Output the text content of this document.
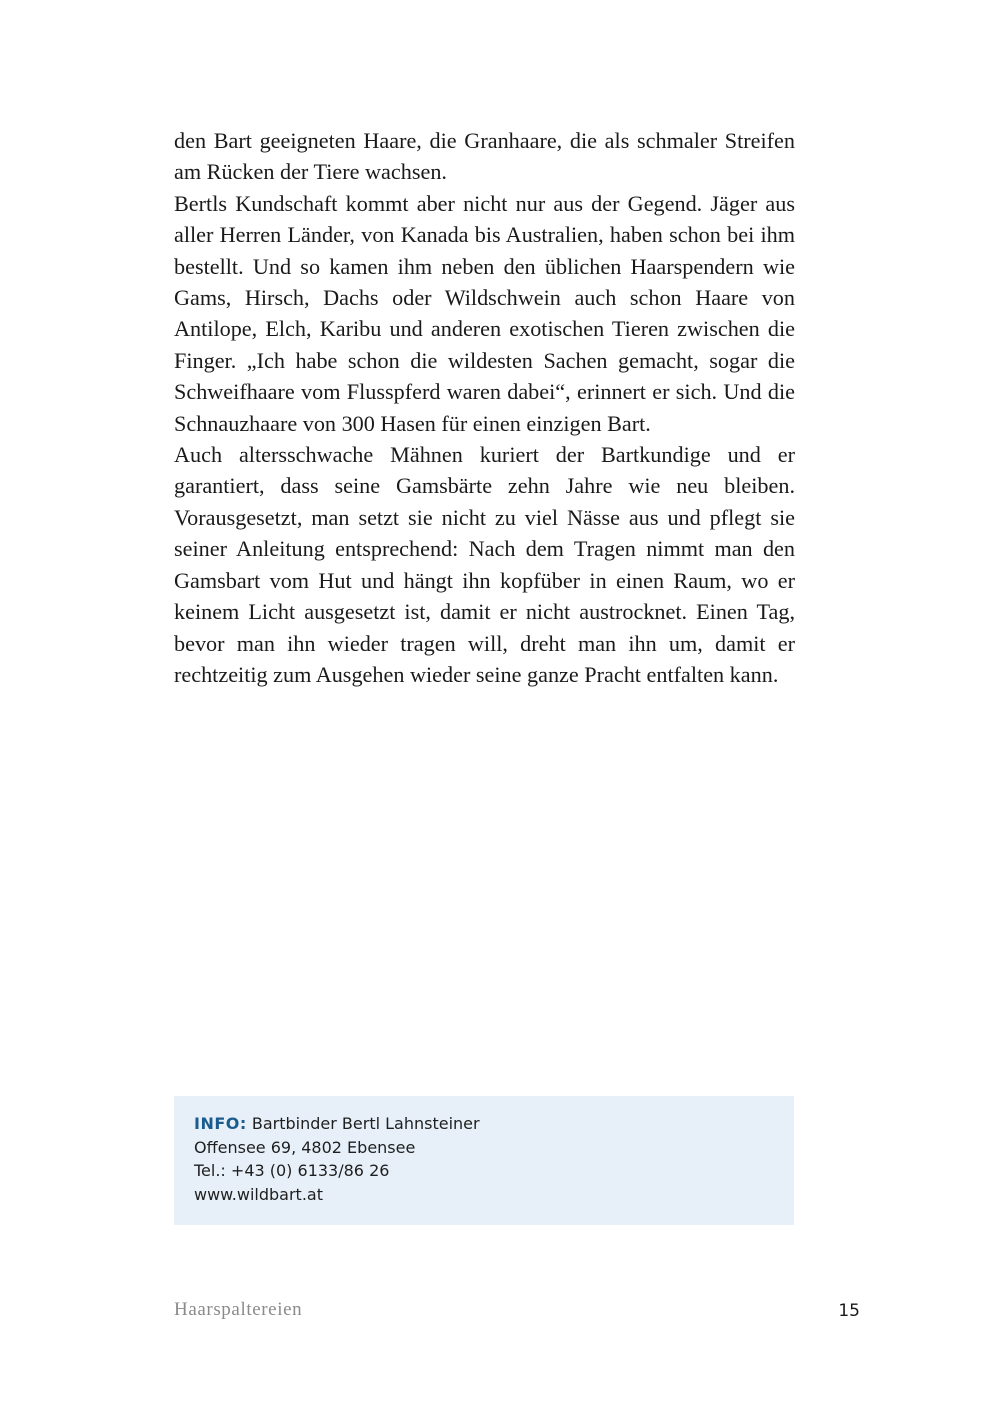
den Bart geeigneten Haare, die Granhaare, die als schmaler Streifen am Rücken der Tiere wachsen.

Bertls Kundschaft kommt aber nicht nur aus der Gegend. Jäger aus aller Herren Länder, von Kanada bis Australien, haben schon bei ihm bestellt. Und so kamen ihm neben den üblichen Haarspendern wie Gams, Hirsch, Dachs oder Wildschwein auch schon Haare von Antilope, Elch, Karibu und anderen exotischen Tieren zwischen die Finger. „Ich habe schon die wildesten Sachen gemacht, sogar die Schweifhaare vom Flusspferd waren dabei“, erinnert er sich. Und die Schnauzhaare von 300 Hasen für einen einzigen Bart.

Auch altersschwache Mähnen kuriert der Bartkundige und er garantiert, dass seine Gamsbärte zehn Jahre wie neu bleiben. Vorausgesetzt, man setzt sie nicht zu viel Nässe aus und pflegt sie seiner Anleitung entsprechend: Nach dem Tragen nimmt man den Gamsbart vom Hut und hängt ihn kopfüber in einen Raum, wo er keinem Licht ausgesetzt ist, damit er nicht austrocknet. Einen Tag, bevor man ihn wieder tragen will, dreht man ihn um, damit er rechtzeitig zum Ausgehen wieder seine ganze Pracht entfalten kann.

INFO: Bartbinder Bertl Lahnsteiner
Offensee 69, 4802 Ebensee
Tel.: +43 (0) 6133/86 26
www.wildbart.at
Haarspaltereien	15
